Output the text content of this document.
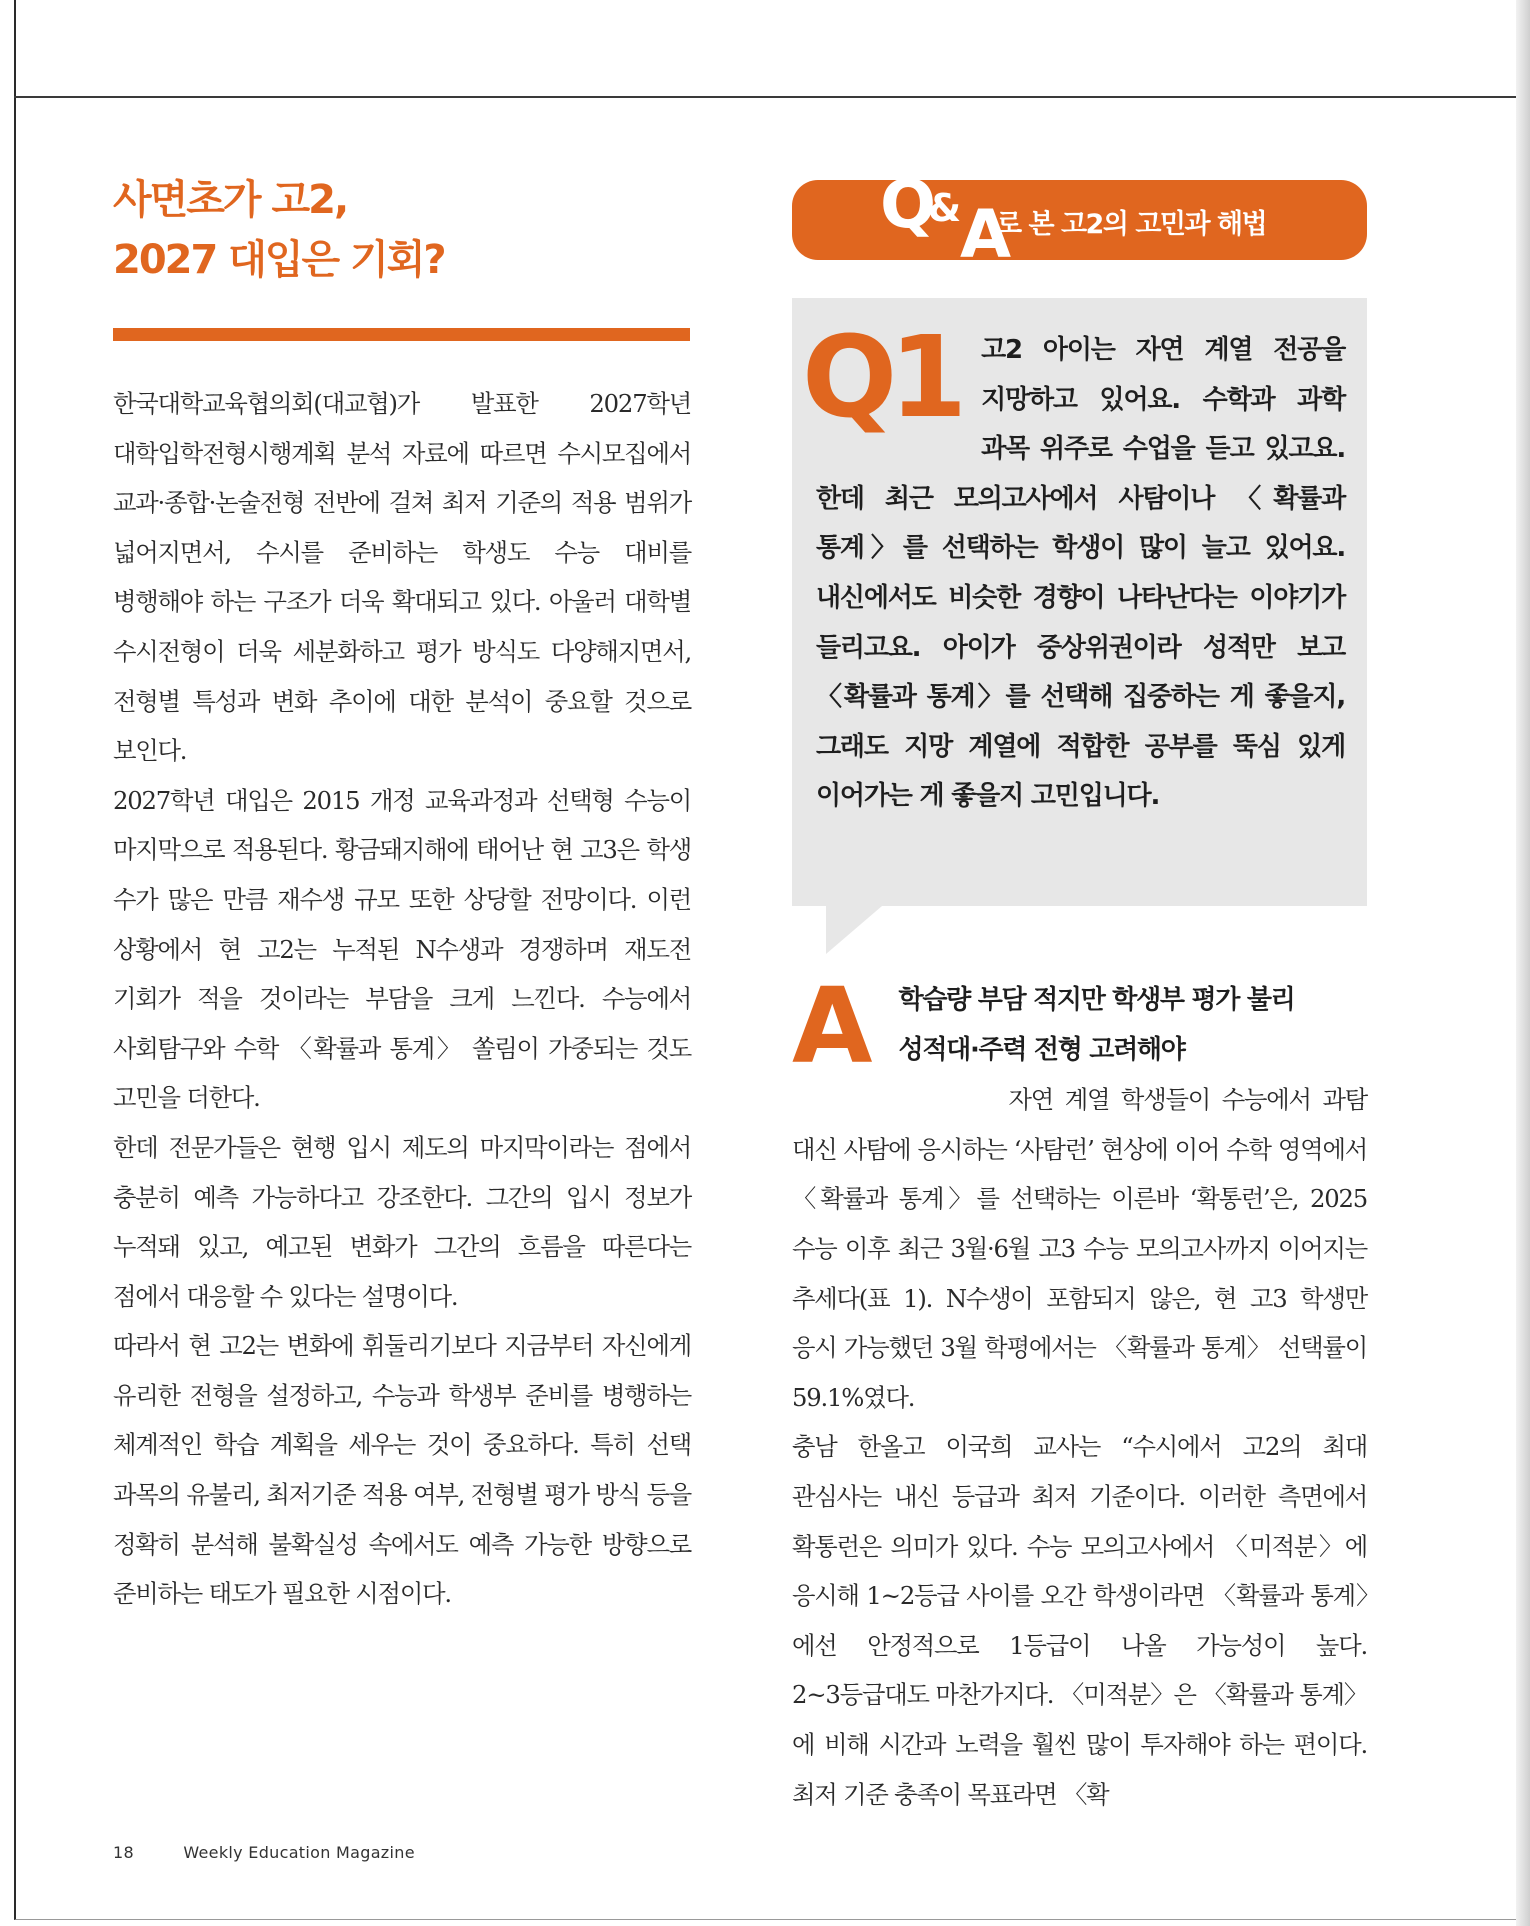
사면초가 고2,
2027 대입은 기회?

한국대학교육협의회(대교협)가 발표한 2027학년 대학입학전형시행계획 분석 자료에 따르면 수시모집에서 교과·종합·논술전형 전반에 걸쳐 최저 기준의 적용 범위가 넓어지면서, 수시를 준비하는 학생도 수능 대비를 병행해야 하는 구조가 더욱 확대되고 있다. 아울러 대학별 수시전형이 더욱 세분화하고 평가 방식도 다양해지면서, 전형별 특성과 변화 추이에 대한 분석이 중요할 것으로 보인다.

2027학년 대입은 2015 개정 교육과정과 선택형 수능이 마지막으로 적용된다. 황금돼지해에 태어난 현 고3은 학생 수가 많은 만큼 재수생 규모 또한 상당할 전망이다. 이런 상황에서 현 고2는 누적된 N수생과 경쟁하며 재도전 기회가 적을 것이라는 부담을 크게 느낀다. 수능에서 사회탐구와 수학 〈확률과 통계〉 쏠림이 가중되는 것도 고민을 더한다.

한데 전문가들은 현행 입시 제도의 마지막이라는 점에서 충분히 예측 가능하다고 강조한다. 그간의 입시 정보가 누적돼 있고, 예고된 변화가 그간의 흐름을 따른다는 점에서 대응할 수 있다는 설명이다.

따라서 현 고2는 변화에 휘둘리기보다 지금부터 자신에게 유리한 전형을 설정하고, 수능과 학생부 준비를 병행하는 체계적인 학습 계획을 세우는 것이 중요하다. 특히 선택 과목의 유불리, 최저기준 적용 여부, 전형별 평가 방식 등을 정확히 분석해 불확실성 속에서도 예측 가능한 방향으로 준비하는 태도가 필요한 시점이다.

Q
&
A
로 본 고2의 고민과 해법
Q1 고2 아이는 자연 계열 전공을 지망하고 있어요. 수학과 과학 과목 위주로 수업을 듣고 있고요. 한데 최근 모의고사에서 사탐이나 〈확률과 통계〉를 선택하는 학생이 많이 늘고 있어요. 내신에서도 비슷한 경향이 나타난다는 이야기가 들리고요. 아이가 중상위권이라 성적만 보고 〈확률과 통계〉를 선택해 집중하는 게 좋을지, 그래도 지망 계열에 적합한 공부를 뚝심 있게 이어가는 게 좋을지 고민입니다.

A	학습량 부담 적지만 학생부 평가 불리
성적대·주력 전형 고려해야

자연 계열 학생들이 수능에서 과탐 대신 사탐에 응시하는 ‘사탐런’ 현상에 이어 수학 영역에서 〈확률과 통계〉를 선택하는 이른바 ‘확통런’은, 2025 수능 이후 최근 3월·6월 고3 수능 모의고사까지 이어지는 추세다(표 1). N수생이 포함되지 않은, 현 고3 학생만 응시 가능했던 3월 학평에서는 〈확률과 통계〉 선택률이 59.1%였다.

충남 한올고 이국희 교사는 “수시에서 고2의 최대 관심사는 내신 등급과 최저 기준이다. 이러한 측면에서 확통런은 의미가 있다. 수능 모의고사에서 〈미적분〉에 응시해 1~2등급 사이를 오간 학생이라면 〈확률과 통계〉에선 안정적으로 1등급이 나올 가능성이 높다. 2~3등급대도 마찬가지다. 〈미적분〉은 〈확률과 통계〉에 비해 시간과 노력을 훨씬 많이 투자해야 하는 편이다. 최저 기준 충족이 목표라면 〈확

18	Weekly Education Magazine
